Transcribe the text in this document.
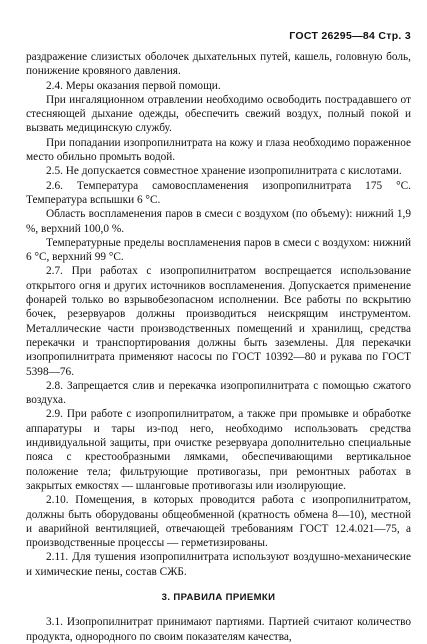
ГОСТ 26295—84 Стр. 3

раздражение слизистых оболочек дыхательных путей, кашель, головную боль, понижение кровяного давления.

2.4. Меры оказания первой помощи.

При ингаляционном отравлении необходимо освободить пострадавшего от стесняющей дыхание одежды, обеспечить свежий воздух, полный покой и вызвать медицинскую службу.

При попадании изопропилнитрата на кожу и глаза необходимо пораженное место обильно промыть водой.

2.5. Не допускается совместное хранение изопропилнитрата с кислотами.

2.6. Температура самовоспламенения изопропилнитрата 175 °С. Температура вспышки 6 °С.

Область воспламенения паров в смеси с воздухом (по объему): нижний 1,9 %, верхний 100,0 %.

Температурные пределы воспламенения паров в смеси с воздухом: нижний 6 °С, верхний 99 °С.

2.7. При работах с изопропилнитратом воспрещается использование открытого огня и других источников воспламенения. Допускается применение фонарей только во взрывобезопасном исполнении. Все работы по вскрытию бочек, резервуаров должны производиться неискрящим инструментом. Металлические части производственных помещений и хранилищ, средства перекачки и транспортирования должны быть заземлены. Для перекачки изопропилнитрата применяют насосы по ГОСТ 10392—80 и рукава по ГОСТ 5398—76.

2.8. Запрещается слив и перекачка изопропилнитрата с помощью сжатого воздуха.

2.9. При работе с изопропилнитратом, а также при промывке и обработке аппаратуры и тары из-под него, необходимо использовать средства индивидуальной защиты, при очистке резервуара дополнительно специальные пояса с крестообразными лямками, обеспечивающими вертикальное положение тела; фильтрующие противогазы, при ремонтных работах в закрытых емкостях — шланговые противогазы или изолирующие.

2.10. Помещения, в которых проводится работа с изопропилнитратом, должны быть оборудованы общеобменной (кратность обмена 8—10), местной и аварийной вентиляцией, отвечающей требованиям ГОСТ 12.4.021—75, а производственные процессы — герметизированы.

2.11. Для тушения изопропилнитрата используют воздушно-механические и химические пены, состав СЖБ.

3. ПРАВИЛА ПРИЕМКИ

3.1. Изопропилнитрат принимают партиями. Партией считают количество продукта, однородного по своим показателям качества,
